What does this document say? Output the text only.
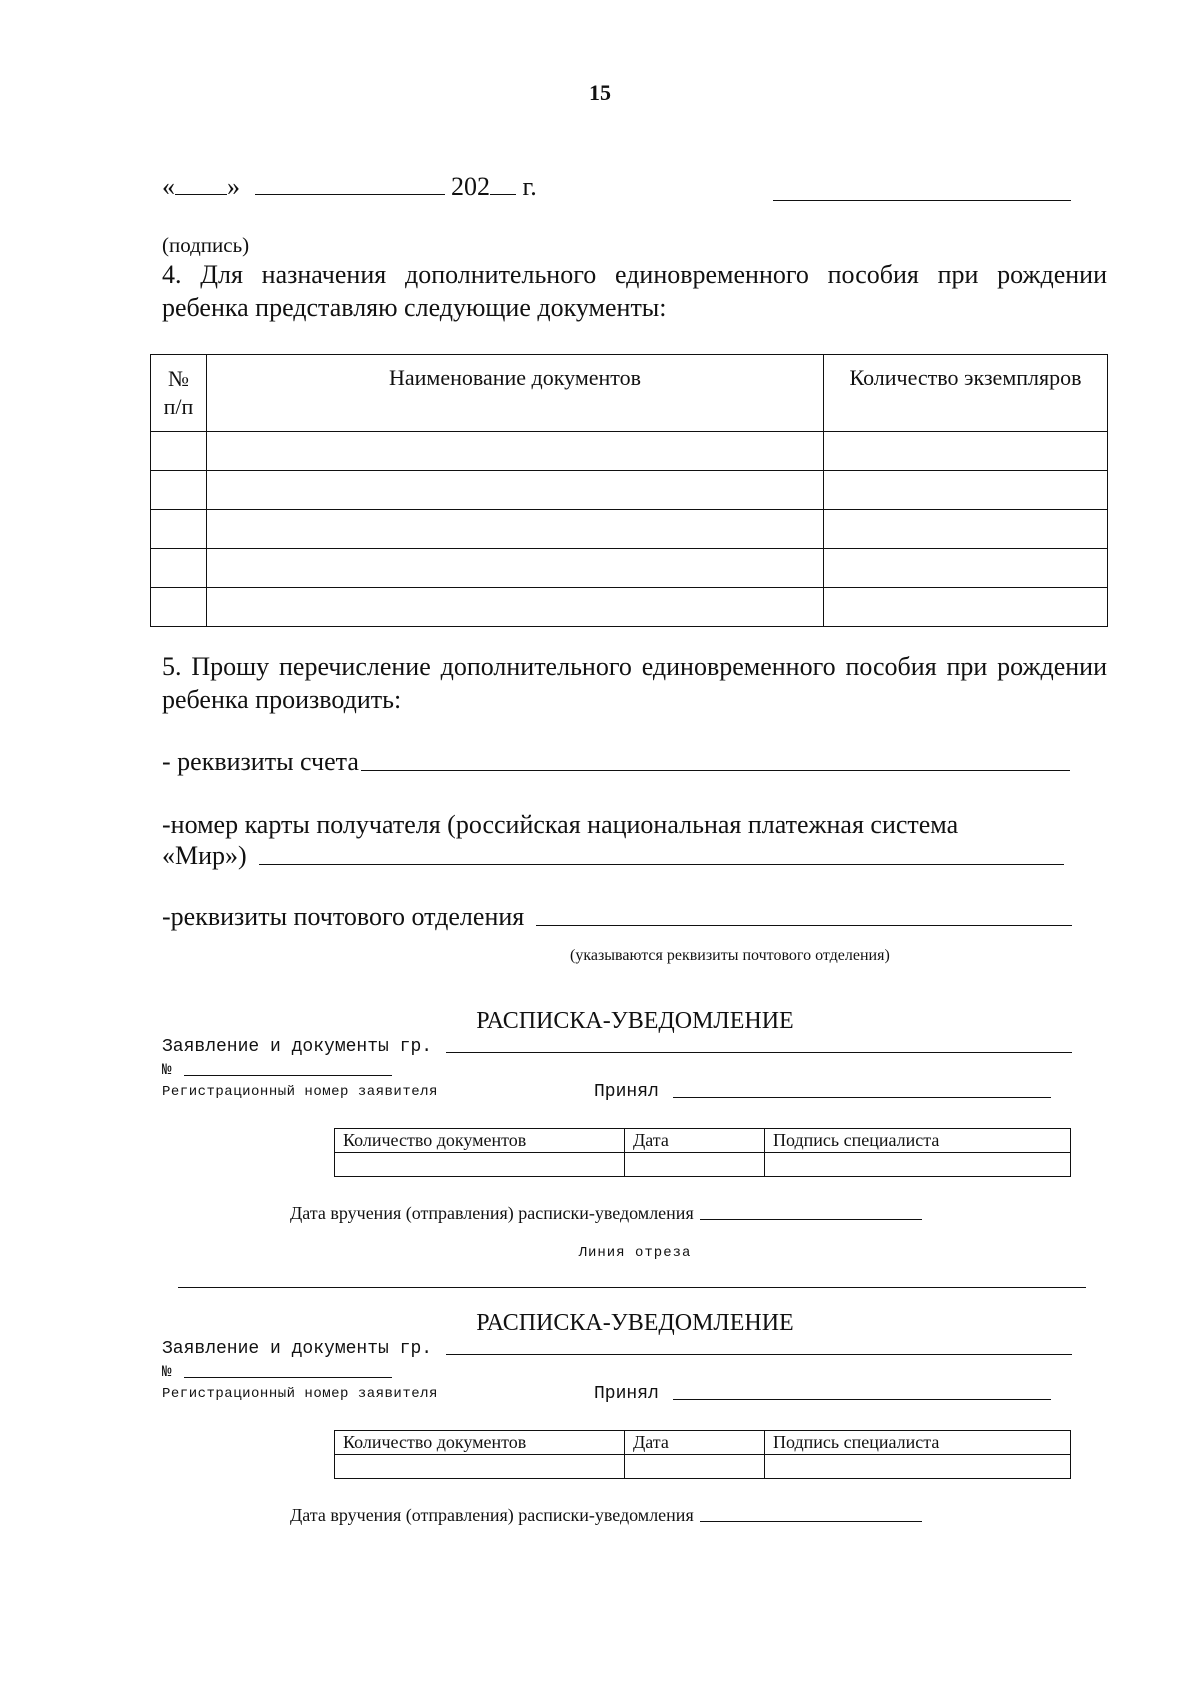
15
« »	202 г.
(подпись)
4. Для назначения дополнительного единовременного пособия при рождении ребенка представляю следующие документы:
№
п/п	Наименование документов	Количество экземпляров

5. Прошу перечисление дополнительного единовременного пособия при рождении ребенка производить:
- реквизиты счета
-номер карты получателя (российская национальная платежная система
«Мир»)
-реквизиты почтового отделения
(указываются реквизиты почтового отделения)
РАСПИСКА-УВЕДОМЛЕНИЕ
Заявление и документы гр.
№
Регистрационный номер заявителя	Принял
Количество документов	Дата	Подпись специалиста

Дата вручения (отправления) расписки-уведомления
Линия отреза
РАСПИСКА-УВЕДОМЛЕНИЕ
Заявление и документы гр.
№
Регистрационный номер заявителя	Принял
Количество документов	Дата	Подпись специалиста

Дата вручения (отправления) расписки-уведомления
